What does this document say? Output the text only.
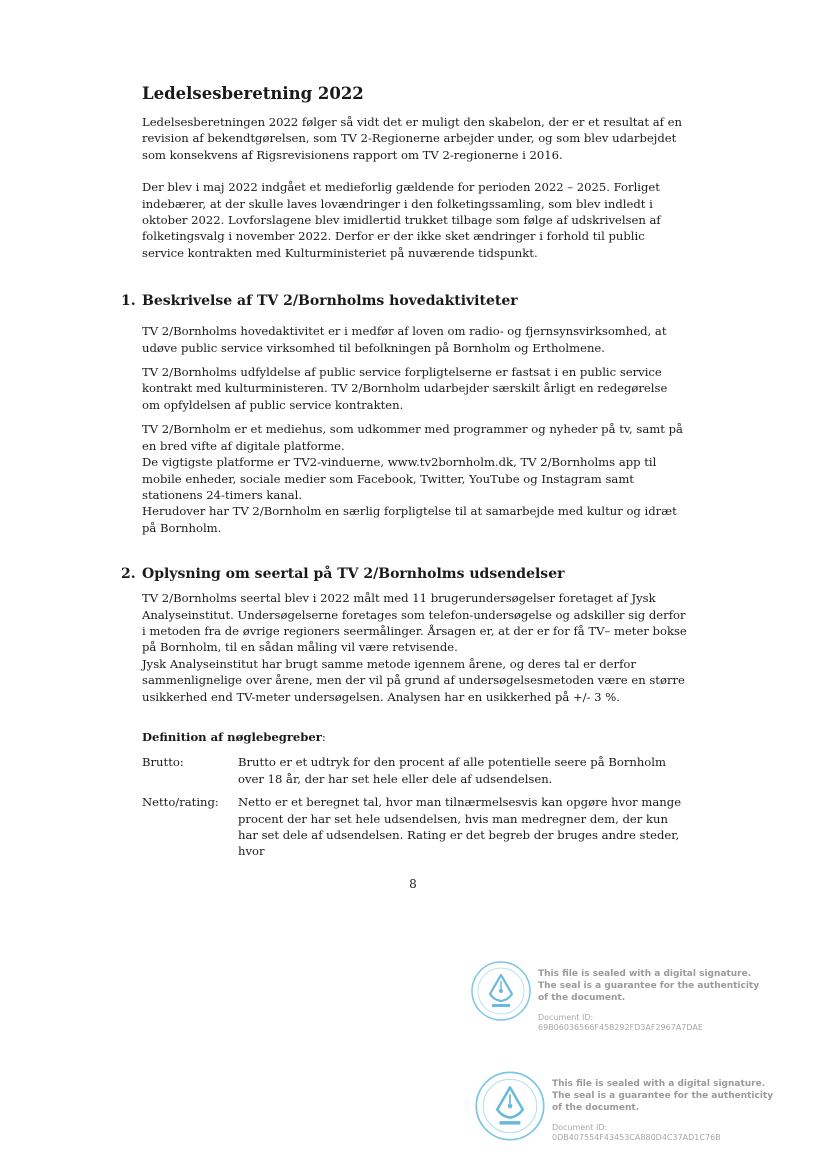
Ledelsesberetning 2022

Ledelsesberetningen 2022 følger så vidt det er muligt den skabelon, der er et resultat af en revision af bekendtgørelsen, som TV 2-Regionerne arbejder under, og som blev udarbejdet som konsekvens af Rigsrevisionens rapport om TV 2-regionerne i 2016.

Der blev i maj 2022 indgået et medieforlig gældende for perioden 2022 – 2025. Forliget indebærer, at der skulle laves lovændringer i den folketingssamling, som blev indledt i oktober 2022. Lovforslagene blev imidlertid trukket tilbage som følge af udskrivelsen af folketingsvalg i november 2022. Derfor er der ikke sket ændringer i forhold til public service kontrakten med Kulturministeriet på nuværende tidspunkt.

1. Beskrivelse af TV 2/Bornholms hovedaktiviteter

TV 2/Bornholms hovedaktivitet er i medfør af loven om radio- og fjernsynsvirksomhed, at udøve public service virksomhed til befolkningen på Bornholm og Ertholmene.

TV 2/Bornholms udfyldelse af public service forpligtelserne er fastsat i en public service kontrakt med kulturministeren. TV 2/Bornholm udarbejder særskilt årligt en redegørelse om opfyldelsen af public service kontrakten.

TV 2/Bornholm er et mediehus, som udkommer med programmer og nyheder på tv, samt på en bred vifte af digitale platforme.
De vigtigste platforme er TV2-vinduerne, www.tv2bornholm.dk, TV 2/Bornholms app til mobile enheder, sociale medier som Facebook, Twitter, YouTube og Instagram samt stationens 24-timers kanal.
Herudover har TV 2/Bornholm en særlig forpligtelse til at samarbejde med kultur og idræt på Bornholm.

2. Oplysning om seertal på TV 2/Bornholms udsendelser

TV 2/Bornholms seertal blev i 2022 målt med 11 brugerundersøgelser foretaget af Jysk Analyseinstitut. Undersøgelserne foretages som telefon-undersøgelse og adskiller sig derfor i metoden fra de øvrige regioners seermålinger. Årsagen er, at der er for få TV– meter bokse på Bornholm, til en sådan måling vil være retvisende.
Jysk Analyseinstitut har brugt samme metode igennem årene, og deres tal er derfor sammenlignelige over årene, men der vil på grund af undersøgelsesmetoden være en større usikkerhed end TV-meter undersøgelsen. Analysen har en usikkerhed på +/- 3 %.

Definition af nøglebegreber:
Brutto:	Brutto er et udtryk for den procent af alle potentielle seere på Bornholm over 18 år, der har set hele eller dele af udsendelsen.
Netto/rating:	Netto er et beregnet tal, hvor man tilnærmelsesvis kan opgøre hvor mange procent der har set hele udsendelsen, hvis man medregner dem, der kun har set dele af udsendelsen. Rating er det begreb der bruges andre steder, hvor
8
This file is sealed with a digital signature.
The seal is a guarantee for the authenticity
of the document.
Document ID:
69B06036566F458292FD3AF2967A7DAE
This file is sealed with a digital signature.
The seal is a guarantee for the authenticity
of the document.
Document ID:
0DB407554F43453CA880D4C37AD1C76B
